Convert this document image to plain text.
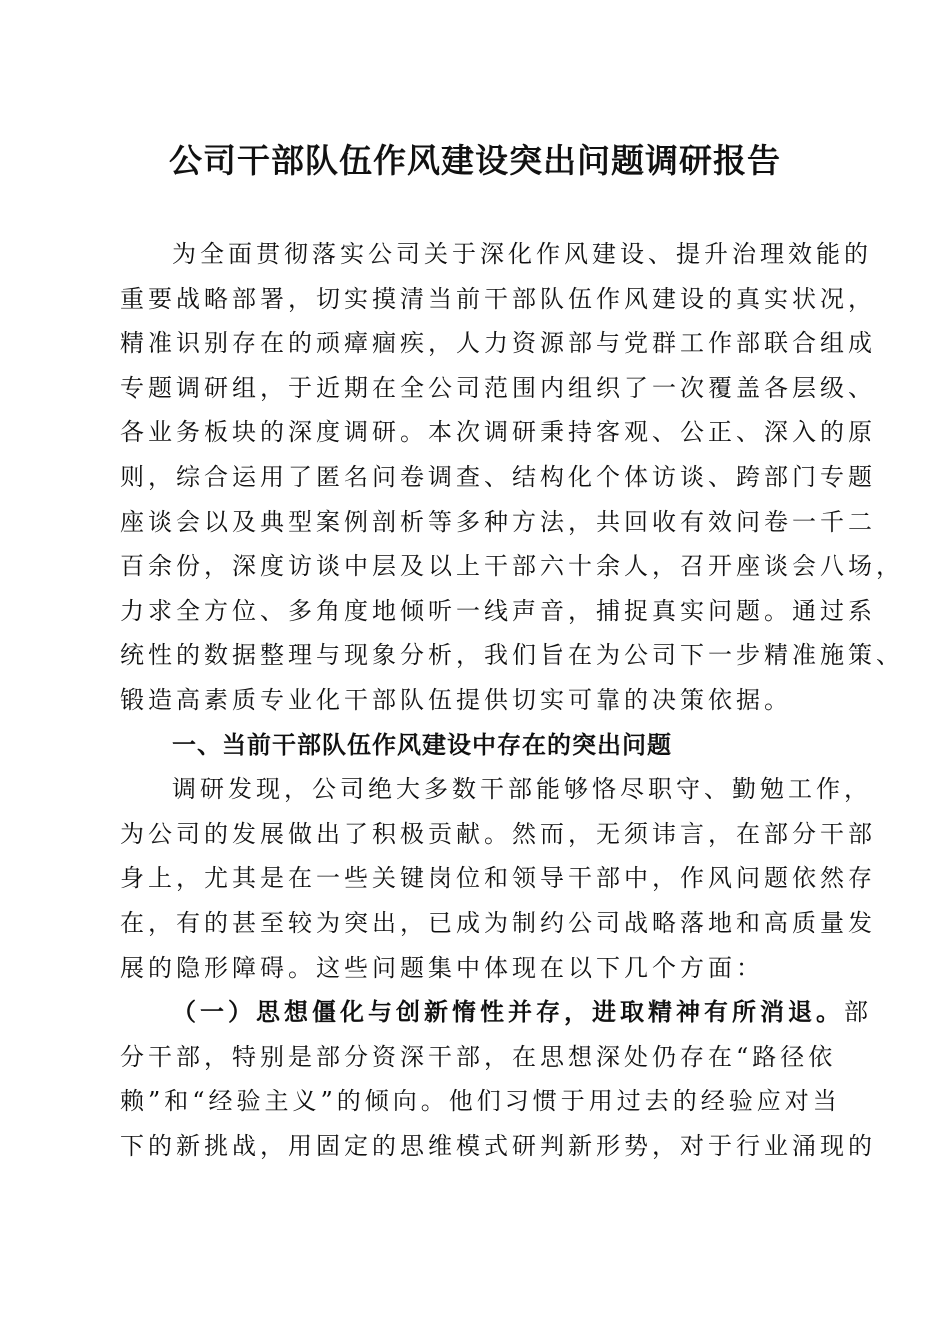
公司干部队伍作风建设突出问题调研报告
为全面贯彻落实公司关于深化作风建设、提升治理效能的
重要战略部署，切实摸清当前干部队伍作风建设的真实状况，
精准识别存在的顽瘴痼疾，人力资源部与党群工作部联合组成
专题调研组，于近期在全公司范围内组织了一次覆盖各层级、
各业务板块的深度调研。本次调研秉持客观、公正、深入的原
则，综合运用了匿名问卷调查、结构化个体访谈、跨部门专题
座谈会以及典型案例剖析等多种方法，共回收有效问卷一千二
百余份，深度访谈中层及以上干部六十余人，召开座谈会八场，
力求全方位、多角度地倾听一线声音，捕捉真实问题。通过系
统性的数据整理与现象分析，我们旨在为公司下一步精准施策、
锻造高素质专业化干部队伍提供切实可靠的决策依据。
一、当前干部队伍作风建设中存在的突出问题
调研发现，公司绝大多数干部能够恪尽职守、勤勉工作，
为公司的发展做出了积极贡献。然而，无须讳言，在部分干部
身上，尤其是在一些关键岗位和领导干部中，作风问题依然存
在，有的甚至较为突出，已成为制约公司战略落地和高质量发
展的隐形障碍。这些问题集中体现在以下几个方面：
（一）思想僵化与创新惰性并存，进取精神有所消退。部
分干部，特别是部分资深干部，在思想深处仍存在“路径依
赖”和“经验主义”的倾向。他们习惯于用过去的经验应对当
下的新挑战，用固定的思维模式研判新形势，对于行业涌现的
